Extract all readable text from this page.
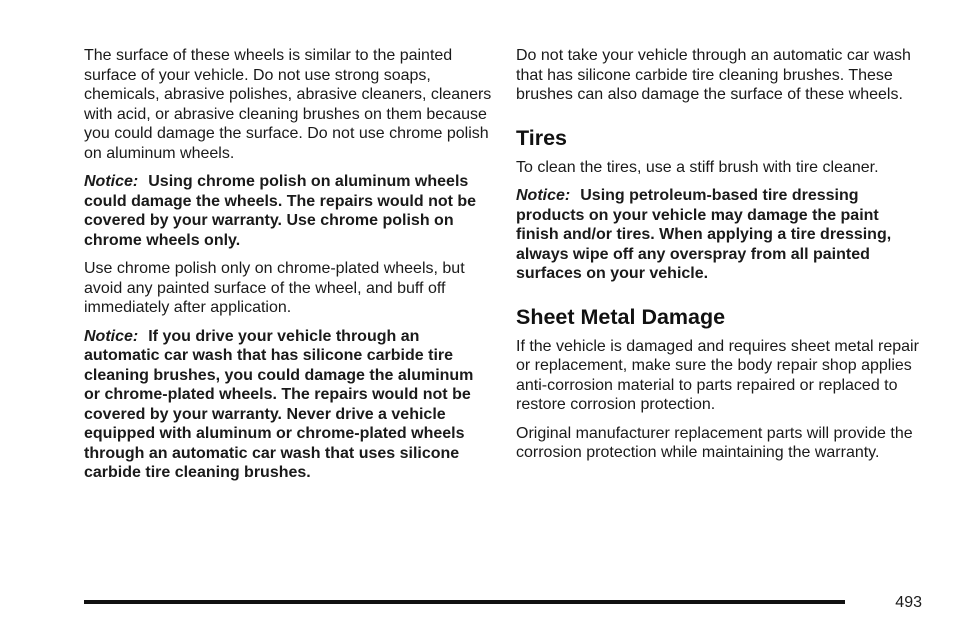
The surface of these wheels is similar to the painted surface of your vehicle. Do not use strong soaps, chemicals, abrasive polishes, abrasive cleaners, cleaners with acid, or abrasive cleaning brushes on them because you could damage the surface. Do not use chrome polish on aluminum wheels.

Notice: Using chrome polish on aluminum wheels could damage the wheels. The repairs would not be covered by your warranty. Use chrome polish on chrome wheels only.

Use chrome polish only on chrome-plated wheels, but avoid any painted surface of the wheel, and buff off immediately after application.

Notice: If you drive your vehicle through an automatic car wash that has silicone carbide tire cleaning brushes, you could damage the aluminum or chrome-plated wheels. The repairs would not be covered by your warranty. Never drive a vehicle equipped with aluminum or chrome-plated wheels through an automatic car wash that uses silicone carbide tire cleaning brushes.

Do not take your vehicle through an automatic car wash that has silicone carbide tire cleaning brushes. These brushes can also damage the surface of these wheels.

Tires

To clean the tires, use a stiff brush with tire cleaner.

Notice: Using petroleum-based tire dressing products on your vehicle may damage the paint finish and/or tires. When applying a tire dressing, always wipe off any overspray from all painted surfaces on your vehicle.

Sheet Metal Damage

If the vehicle is damaged and requires sheet metal repair or replacement, make sure the body repair shop applies anti-corrosion material to parts repaired or replaced to restore corrosion protection.

Original manufacturer replacement parts will provide the corrosion protection while maintaining the warranty.

493
